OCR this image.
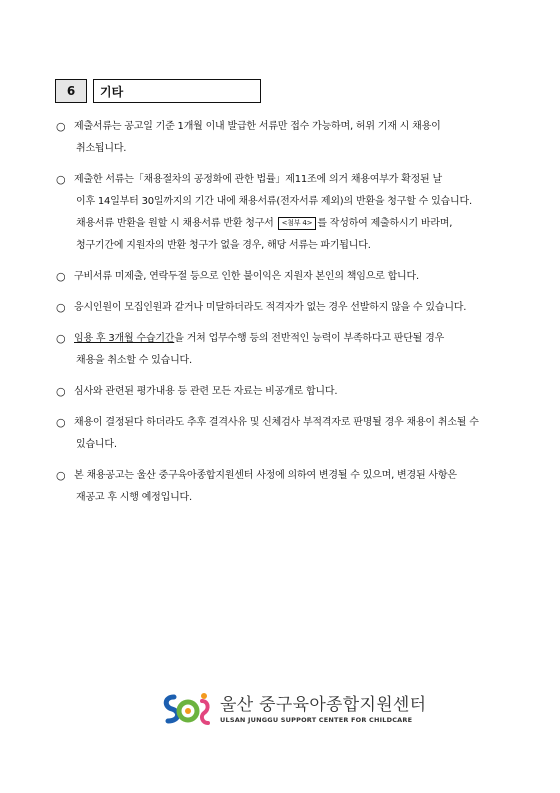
6	기타
○ 제출서류는 공고일 기준 1개월 이내 발급한 서류만 접수 가능하며, 허위 기재 시 채용이
취소됩니다.
○ 제출한 서류는「채용절차의 공정화에 관한 법률」제11조에 의거 채용여부가 확정된 날
이후 14일부터 30일까지의 기간 내에 채용서류(전자서류 제외)의 반환을 청구할 수 있습니다.
채용서류 반환을 원할 시 채용서류 반환 청구서 <첨부 4> 를 작성하여 제출하시기 바라며,
청구기간에 지원자의 반환 청구가 없을 경우, 해당 서류는 파기됩니다.
○ 구비서류 미제출, 연락두절 등으로 인한 불이익은 지원자 본인의 책임으로 합니다.
○ 응시인원이 모집인원과 같거나 미달하더라도 적격자가 없는 경우 선발하지 않을 수 있습니다.
○ 임용 후 3개월 수습기간을 거쳐 업무수행 등의 전반적인 능력이 부족하다고 판단될 경우
채용을 취소할 수 있습니다.
○ 심사와 관련된 평가내용 등 관련 모든 자료는 비공개로 합니다.
○ 채용이 결정된다 하더라도 추후 결격사유 및 신체검사 부적격자로 판명될 경우 채용이 취소될 수
있습니다.
○ 본 채용공고는 울산 중구육아종합지원센터 사정에 의하여 변경될 수 있으며, 변경된 사항은
재공고 후 시행 예정입니다.
울산 중구육아종합지원센터
ULSAN JUNGGU SUPPORT CENTER FOR CHILDCARE
